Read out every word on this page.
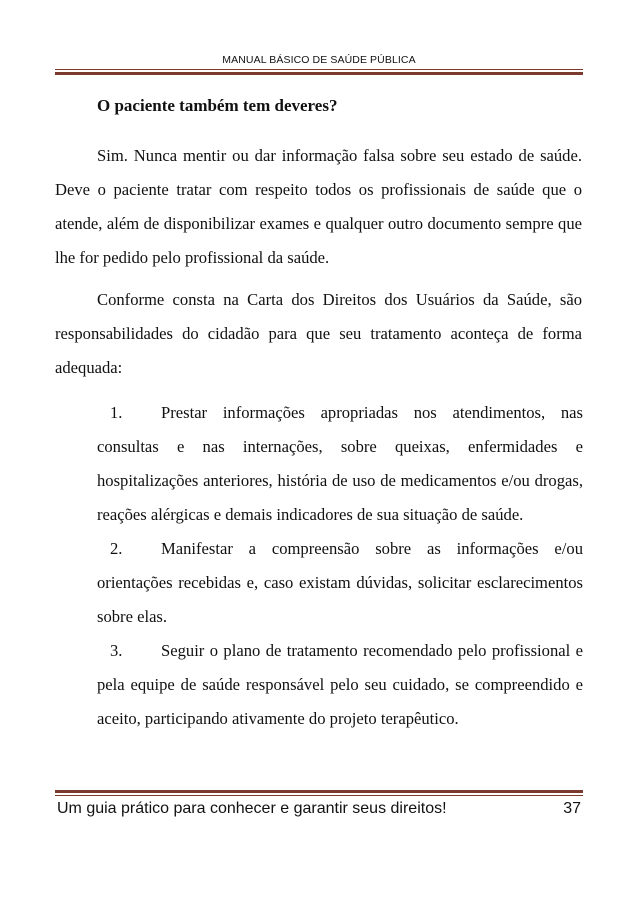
MANUAL BÁSICO DE SAÚDE PÚBLICA
O paciente também tem deveres?

Sim. Nunca mentir ou dar informação falsa sobre seu estado de saúde. Deve o paciente tratar com respeito todos os profissionais de saúde que o atende, além de disponibilizar exames e qualquer outro documento sempre que lhe for pedido pelo profissional da saúde.

Conforme consta na Carta dos Direitos dos Usuários da Saúde, são responsabilidades do cidadão para que seu tratamento aconteça de forma adequada:

1. Prestar informações apropriadas nos atendimentos, nas consultas e nas internações, sobre queixas, enfermidades e hospitalizações anteriores, história de uso de medicamentos e/ou drogas, reações alérgicas e demais indicadores de sua situação de saúde.

2. Manifestar a compreensão sobre as informações e/ou orientações recebidas e, caso existam dúvidas, solicitar esclarecimentos sobre elas.

3. Seguir o plano de tratamento recomendado pelo profissional e pela equipe de saúde responsável pelo seu cuidado, se compreendido e aceito, participando ativamente do projeto terapêutico.

Um guia prático para conhecer e garantir seus direitos!	37
